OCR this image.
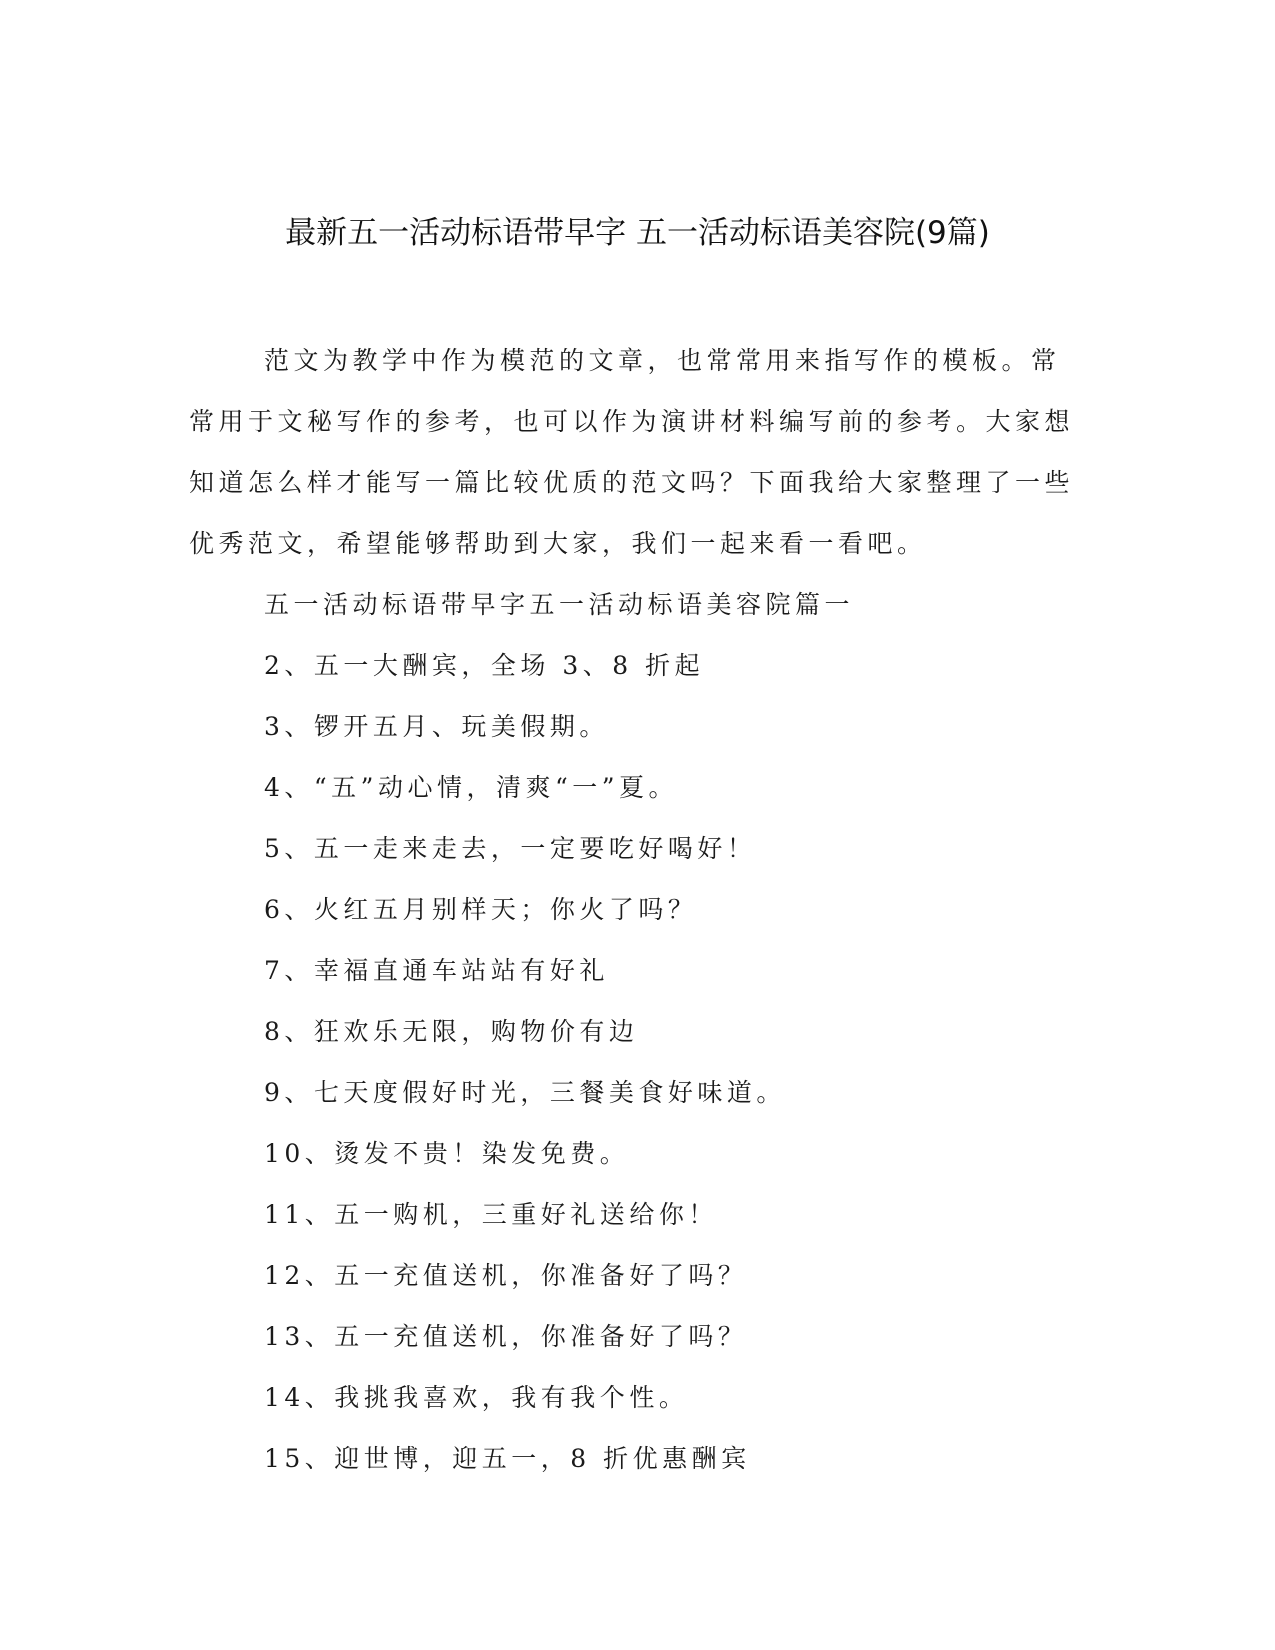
最新五一活动标语带早字 五一活动标语美容院(9篇)

范文为教学中作为模范的文章，也常常用来指写作的模板。常常用于文秘写作的参考，也可以作为演讲材料编写前的参考。大家想知道怎么样才能写一篇比较优质的范文吗？下面我给大家整理了一些优秀范文，希望能够帮助到大家，我们一起来看一看吧。

五一活动标语带早字五一活动标语美容院篇一

2、五一大酬宾，全场 3、8 折起

3、锣开五月、玩美假期。

4、“五”动心情，清爽“一”夏。

5、五一走来走去，一定要吃好喝好！

6、火红五月别样天；你火了吗？

7、幸福直通车站站有好礼

8、狂欢乐无限，购物价有边

9、七天度假好时光，三餐美食好味道。

10、烫发不贵！染发免费。

11、五一购机，三重好礼送给你！

12、五一充值送机，你准备好了吗？

13、五一充值送机，你准备好了吗？

14、我挑我喜欢，我有我个性。

15、迎世博，迎五一，8 折优惠酬宾
